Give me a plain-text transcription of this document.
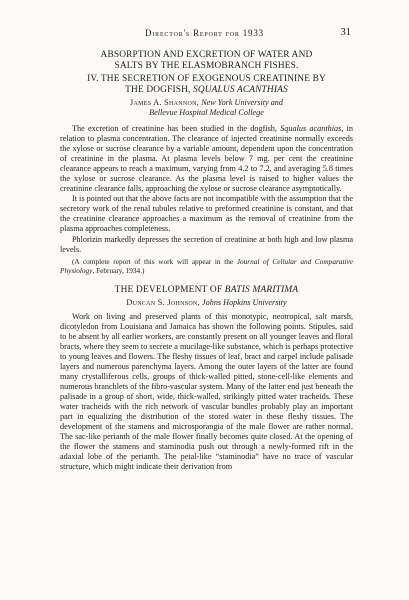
Director's Report for 1933	31

ABSORPTION AND EXCRETION OF WATER AND

SALTS BY THE ELASMOBRANCH FISHES.

IV. THE SECRETION OF EXOGENOUS CREATININE BY

THE DOGFISH, SQUALUS ACANTHIAS

James A. Shannon, New York University and

Bellevue Hospital Medical College

The excretion of creatinine has been studied in the dogfish, Squalus acanthias, in relation to plasma concentration. The clearance of injected creatinine normally exceeds the xylose or sucrose clearance by a variable amount, dependent upon the concentration of creatinine in the plasma. At plasma levels below 7 mg. per cent the creatinine clearance appears to reach a maximum, varying from 4.2 to 7.2, and averaging 5.8 times the xylose or sucrose clearance. As the plasma level is raised to higher values the creatinine clearance falls, approaching the xylose or sucrose clearance asymptotically.

It is pointed out that the above facts are not incompatible with the assumption that the secretory work of the renal tubules relative to preformed creatinine is constant, and that the creatinine clearance approaches a maximum as the removal of creatinine from the plasma approaches completeness.

Phlorizin markedly depresses the secretion of creatinine at both high and low plasma levels.

(A complete report of this work will appear in the Journal of Cellular and Comparative Physiology, February, 1934.)

THE DEVELOPMENT OF BATIS MARITIMA

Duncan S. Johnson, Johns Hopkins University

Work on living and preserved plants of this monotypic, neotropical, salt marsh, dicotyledon from Louisiana and Jamaica has shown the following points. Stipules, said to be absent by all earlier workers, are constantly present on all younger leaves and floral bracts, where they seem to secrete a mucilage-like substance, which is perhaps protective to young leaves and flowers. The fleshy tissues of leaf, bract and carpel include palisade layers and numerous parenchyma layers. Among the outer layers of the latter are found many crystalliferous cells, groups of thick-walled pitted, stone-cell-like elements and numerous branchlets of the fibro-vascular system. Many of the latter end just beneath the palisade in a group of short, wide, thick-walled, strikingly pitted water tracheids. These water tracheids with the rich network of vascular bundles probably play an important part in equalizing the distribution of the stored water in these fleshy tissues. The development of the stamens and microsporangia of the male flower are rather normal. The sac-like perianth of the male flower finally becomes quite closed. At the opening of the flower the stamens and staminodia push out through a newly-formed rift in the adaxial lobe of the perianth. The petal-like “staminodia” have no trace of vascular structure, which might indicate their derivation from
